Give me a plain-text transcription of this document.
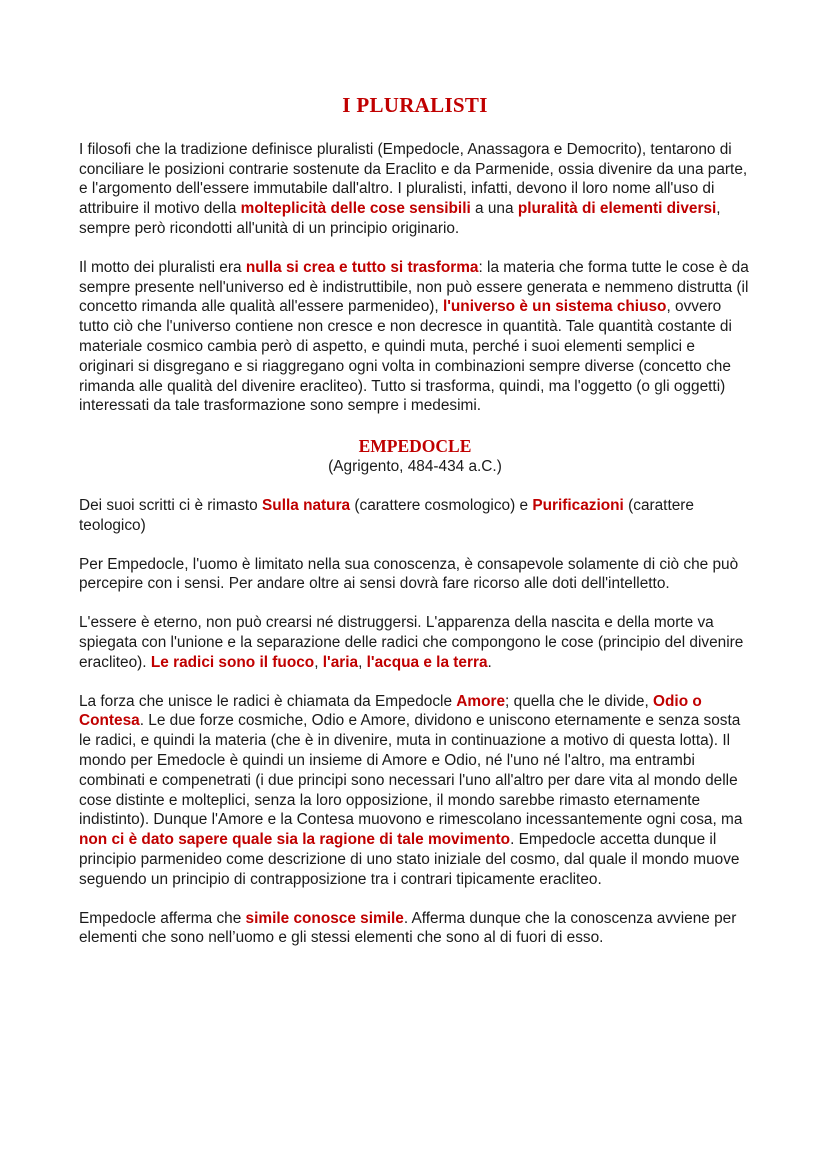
I PLURALISTI

I filosofi che la tradizione definisce pluralisti (Empedocle, Anassagora e Democrito), tentarono di conciliare le posizioni contrarie sostenute da Eraclito e da Parmenide, ossia divenire da una parte, e l'argomento dell'essere immutabile dall'altro. I pluralisti, infatti, devono il loro nome all'uso di attribuire il motivo della molteplicità delle cose sensibili a una pluralità di elementi diversi, sempre però ricondotti all'unità di un principio originario.

Il motto dei pluralisti era nulla si crea e tutto si trasforma: la materia che forma tutte le cose è da sempre presente nell'universo ed è indistruttibile, non può essere generata e nemmeno distrutta (il concetto rimanda alle qualità all'essere parmenideo), l'universo è un sistema chiuso, ovvero tutto ciò che l'universo contiene non cresce e non decresce in quantità. Tale quantità costante di materiale cosmico cambia però di aspetto, e quindi muta, perché i suoi elementi semplici e originari si disgregano e si riaggregano ogni volta in combinazioni sempre diverse (concetto che rimanda alle qualità del divenire eracliteo). Tutto si trasforma, quindi, ma l'oggetto (o gli oggetti) interessati da tale trasformazione sono sempre i medesimi.

EMPEDOCLE

(Agrigento, 484-434 a.C.)

Dei suoi scritti ci è rimasto Sulla natura (carattere cosmologico) e Purificazioni (carattere teologico)

Per Empedocle, l'uomo è limitato nella sua conoscenza, è consapevole solamente di ciò che può percepire con i sensi. Per andare oltre ai sensi dovrà fare ricorso alle doti dell'intelletto.

L'essere è eterno, non può crearsi né distruggersi. L'apparenza della nascita e della morte va spiegata con l'unione e la separazione delle radici che compongono le cose (principio del divenire eracliteo). Le radici sono il fuoco, l'aria, l'acqua e la terra.

La forza che unisce le radici è chiamata da Empedocle Amore; quella che le divide, Odio o Contesa. Le due forze cosmiche, Odio e Amore, dividono e uniscono eternamente e senza sosta le radici, e quindi la materia (che è in divenire, muta in continuazione a motivo di questa lotta). Il mondo per Emedocle è quindi un insieme di Amore e Odio, né l'uno né l'altro, ma entrambi combinati e compenetrati (i due principi sono necessari l'uno all'altro per dare vita al mondo delle cose distinte e molteplici, senza la loro opposizione, il mondo sarebbe rimasto eternamente indistinto). Dunque l'Amore e la Contesa muovono e rimescolano incessantemente ogni cosa, ma non ci è dato sapere quale sia la ragione di tale movimento. Empedocle accetta dunque il principio parmenideo come descrizione di uno stato iniziale del cosmo, dal quale il mondo muove seguendo un principio di contrapposizione tra i contrari tipicamente eracliteo.

Empedocle afferma che simile conosce simile. Afferma dunque che la conoscenza avviene per elementi che sono nell’uomo e gli stessi elementi che sono al di fuori di esso.
